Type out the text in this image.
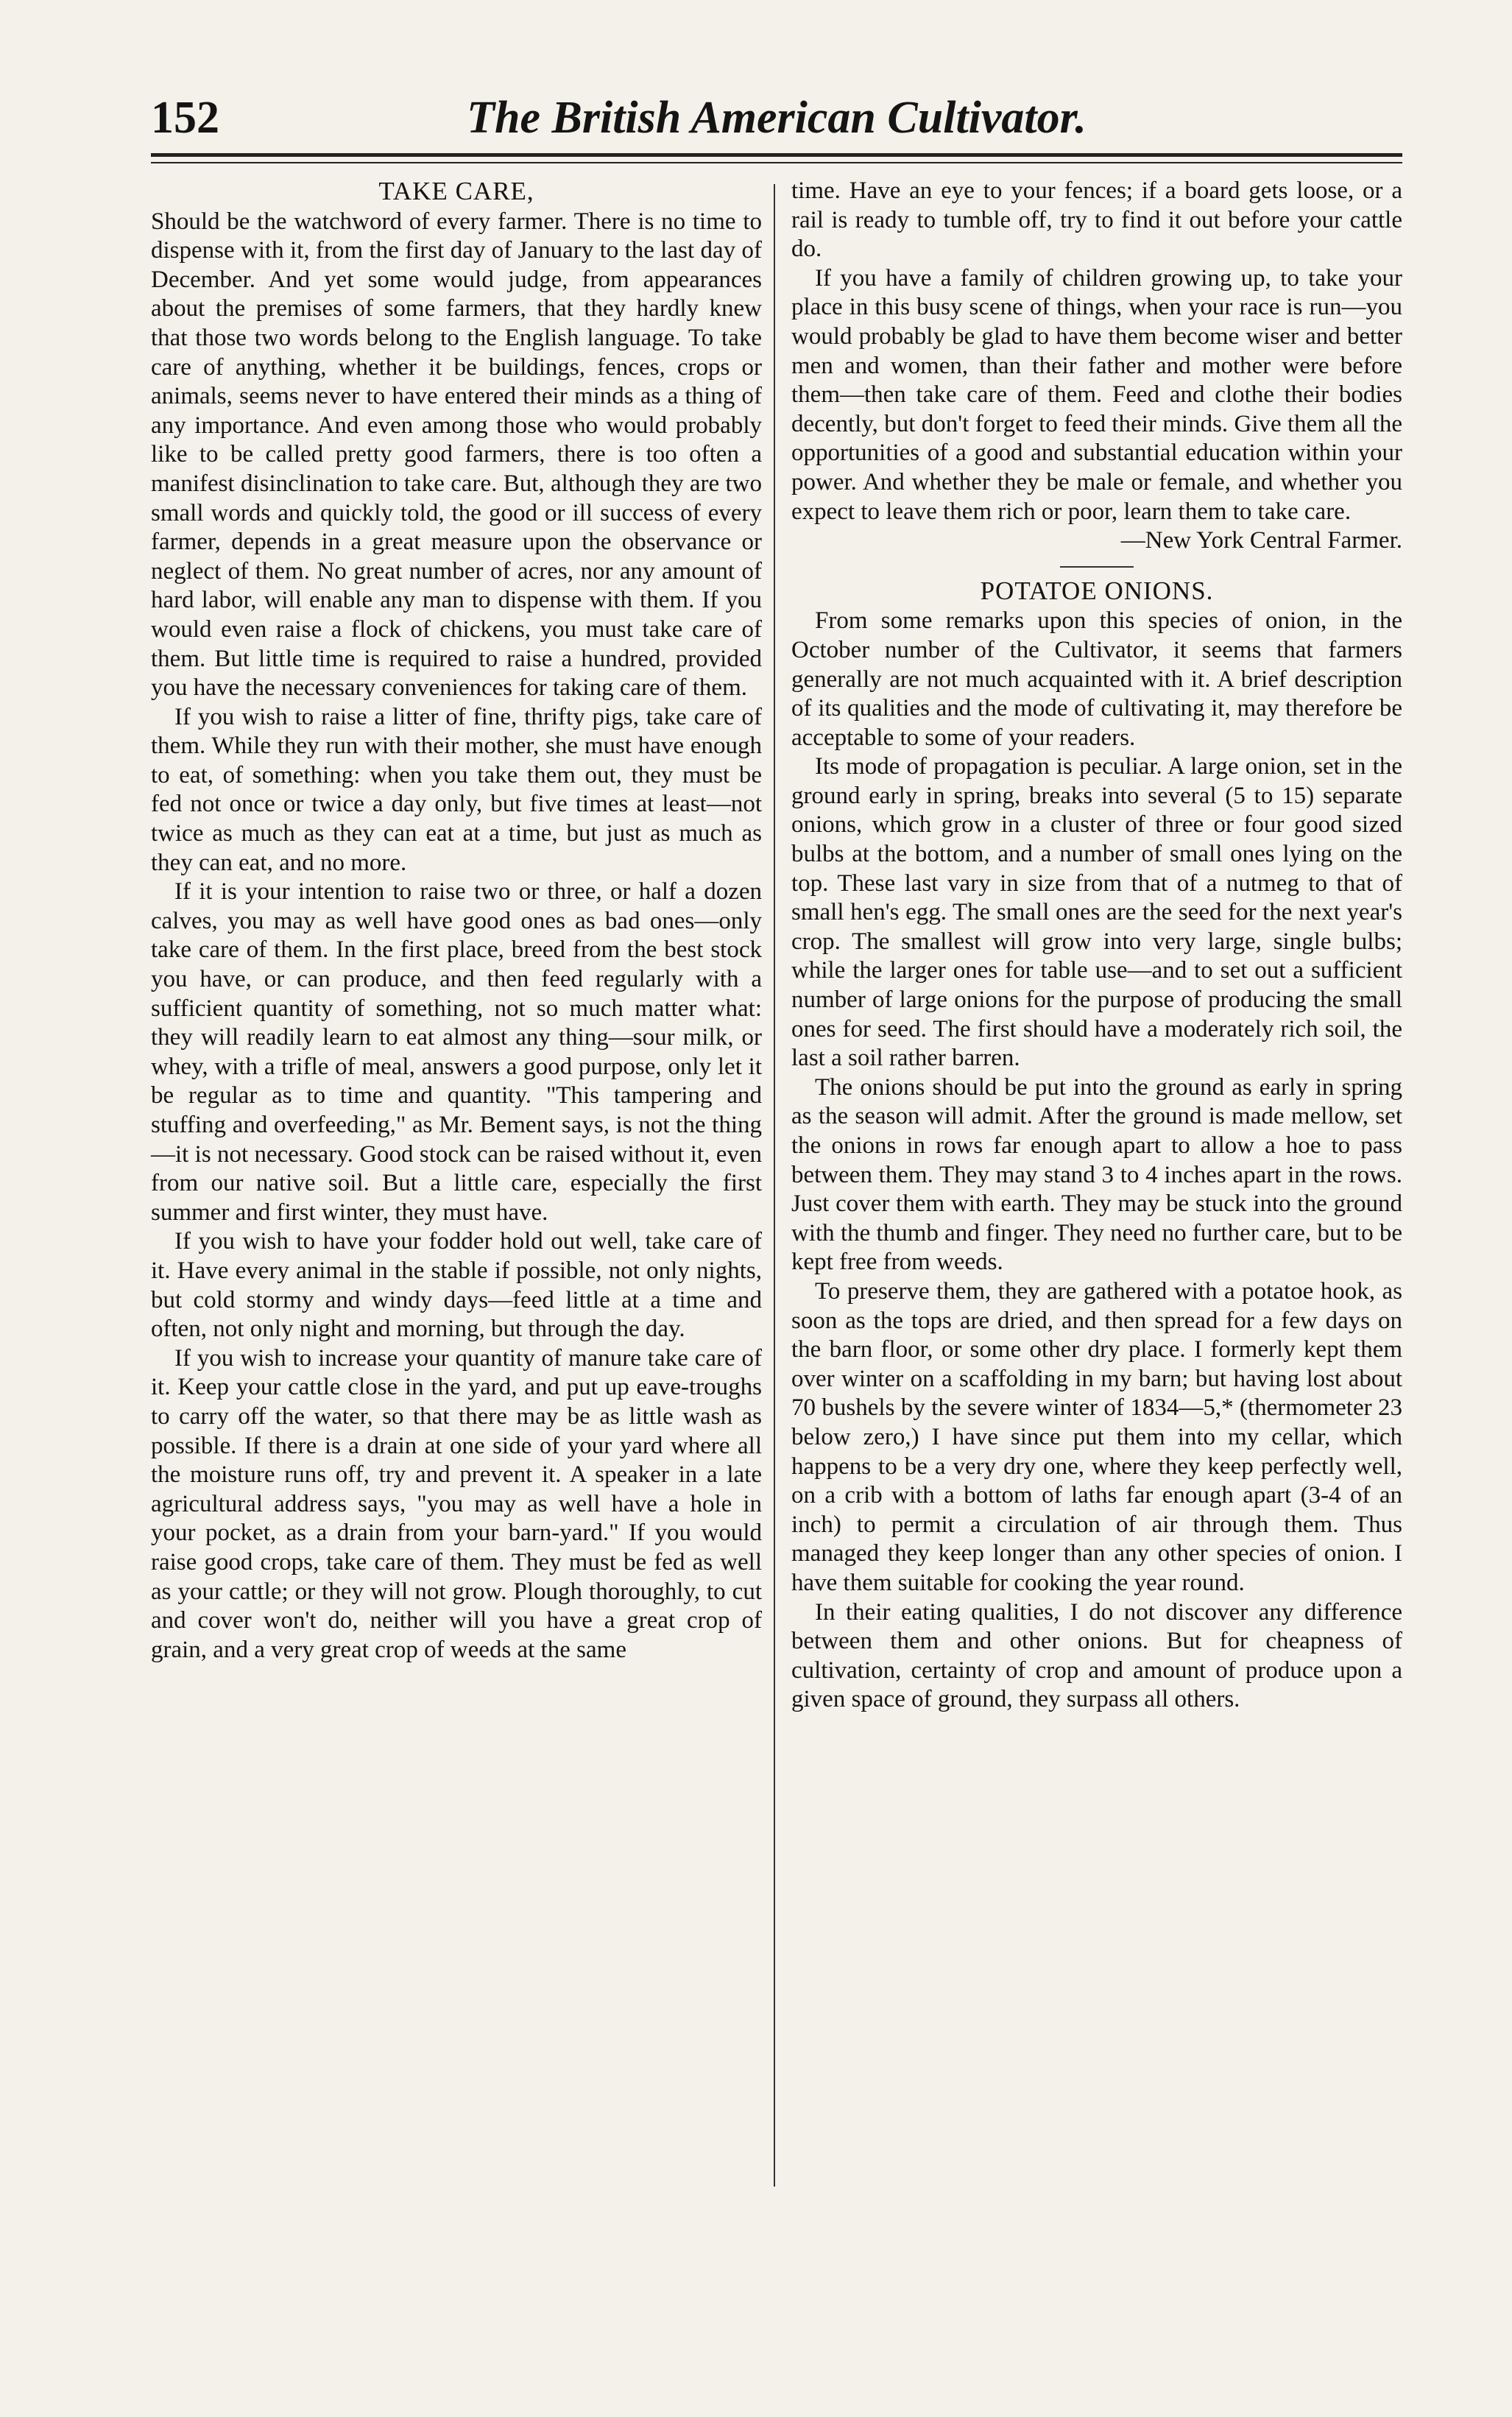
152	The British American Cultivator.
TAKE CARE,

Should be the watchword of every farmer. There is no time to dispense with it, from the first day of January to the last day of December. And yet some would judge, from appearances about the premises of some farmers, that they hardly knew that those two words belong to the English language. To take care of anything, whether it be buildings, fences, crops or animals, seems never to have entered their minds as a thing of any importance. And even among those who would probably like to be called pretty good farmers, there is too often a manifest disinclination to take care. But, although they are two small words and quickly told, the good or ill success of every farmer, depends in a great measure upon the observance or neglect of them. No great number of acres, nor any amount of hard labor, will enable any man to dispense with them. If you would even raise a flock of chickens, you must take care of them. But little time is required to raise a hundred, provided you have the necessary conveniences for taking care of them.

If you wish to raise a litter of fine, thrifty pigs, take care of them. While they run with their mother, she must have enough to eat, of something: when you take them out, they must be fed not once or twice a day only, but five times at least—not twice as much as they can eat at a time, but just as much as they can eat, and no more.

If it is your intention to raise two or three, or half a dozen calves, you may as well have good ones as bad ones—only take care of them. In the first place, breed from the best stock you have, or can produce, and then feed regularly with a sufficient quantity of something, not so much matter what: they will readily learn to eat almost any thing—sour milk, or whey, with a trifle of meal, answers a good purpose, only let it be regular as to time and quantity. "This tampering and stuffing and overfeeding," as Mr. Bement says, is not the thing—it is not necessary. Good stock can be raised without it, even from our native soil. But a little care, especially the first summer and first winter, they must have.

If you wish to have your fodder hold out well, take care of it. Have every animal in the stable if possible, not only nights, but cold stormy and windy days—feed little at a time and often, not only night and morning, but through the day.

If you wish to increase your quantity of manure take care of it. Keep your cattle close in the yard, and put up eave-troughs to carry off the water, so that there may be as little wash as possible. If there is a drain at one side of your yard where all the moisture runs off, try and prevent it. A speaker in a late agricultural address says, "you may as well have a hole in your pocket, as a drain from your barn-yard." If you would raise good crops, take care of them. They must be fed as well as your cattle; or they will not grow. Plough thoroughly, to cut and cover won't do, neither will you have a great crop of grain, and a very great crop of weeds at the same

time. Have an eye to your fences; if a board gets loose, or a rail is ready to tumble off, try to find it out before your cattle do.

If you have a family of children growing up, to take your place in this busy scene of things, when your race is run—you would probably be glad to have them become wiser and better men and women, than their father and mother were before them—then take care of them. Feed and clothe their bodies decently, but don't forget to feed their minds. Give them all the opportunities of a good and substantial education within your power. And whether they be male or female, and whether you expect to leave them rich or poor, learn them to take care.

—New York Central Farmer.

POTATOE ONIONS.

From some remarks upon this species of onion, in the October number of the Cultivator, it seems that farmers generally are not much acquainted with it. A brief description of its qualities and the mode of cultivating it, may therefore be acceptable to some of your readers.

Its mode of propagation is peculiar. A large onion, set in the ground early in spring, breaks into several (5 to 15) separate onions, which grow in a cluster of three or four good sized bulbs at the bottom, and a number of small ones lying on the top. These last vary in size from that of a nutmeg to that of small hen's egg. The small ones are the seed for the next year's crop. The smallest will grow into very large, single bulbs; while the larger ones for table use—and to set out a sufficient number of large onions for the purpose of producing the small ones for seed. The first should have a moderately rich soil, the last a soil rather barren.

The onions should be put into the ground as early in spring as the season will admit. After the ground is made mellow, set the onions in rows far enough apart to allow a hoe to pass between them. They may stand 3 to 4 inches apart in the rows. Just cover them with earth. They may be stuck into the ground with the thumb and finger. They need no further care, but to be kept free from weeds.

To preserve them, they are gathered with a potatoe hook, as soon as the tops are dried, and then spread for a few days on the barn floor, or some other dry place. I formerly kept them over winter on a scaffolding in my barn; but having lost about 70 bushels by the severe winter of 1834—5,* (thermometer 23 below zero,) I have since put them into my cellar, which happens to be a very dry one, where they keep perfectly well, on a crib with a bottom of laths far enough apart (3-4 of an inch) to permit a circulation of air through them. Thus managed they keep longer than any other species of onion. I have them suitable for cooking the year round.

In their eating qualities, I do not discover any difference between them and other onions. But for cheapness of cultivation, certainty of crop and amount of produce upon a given space of ground, they surpass all others.
